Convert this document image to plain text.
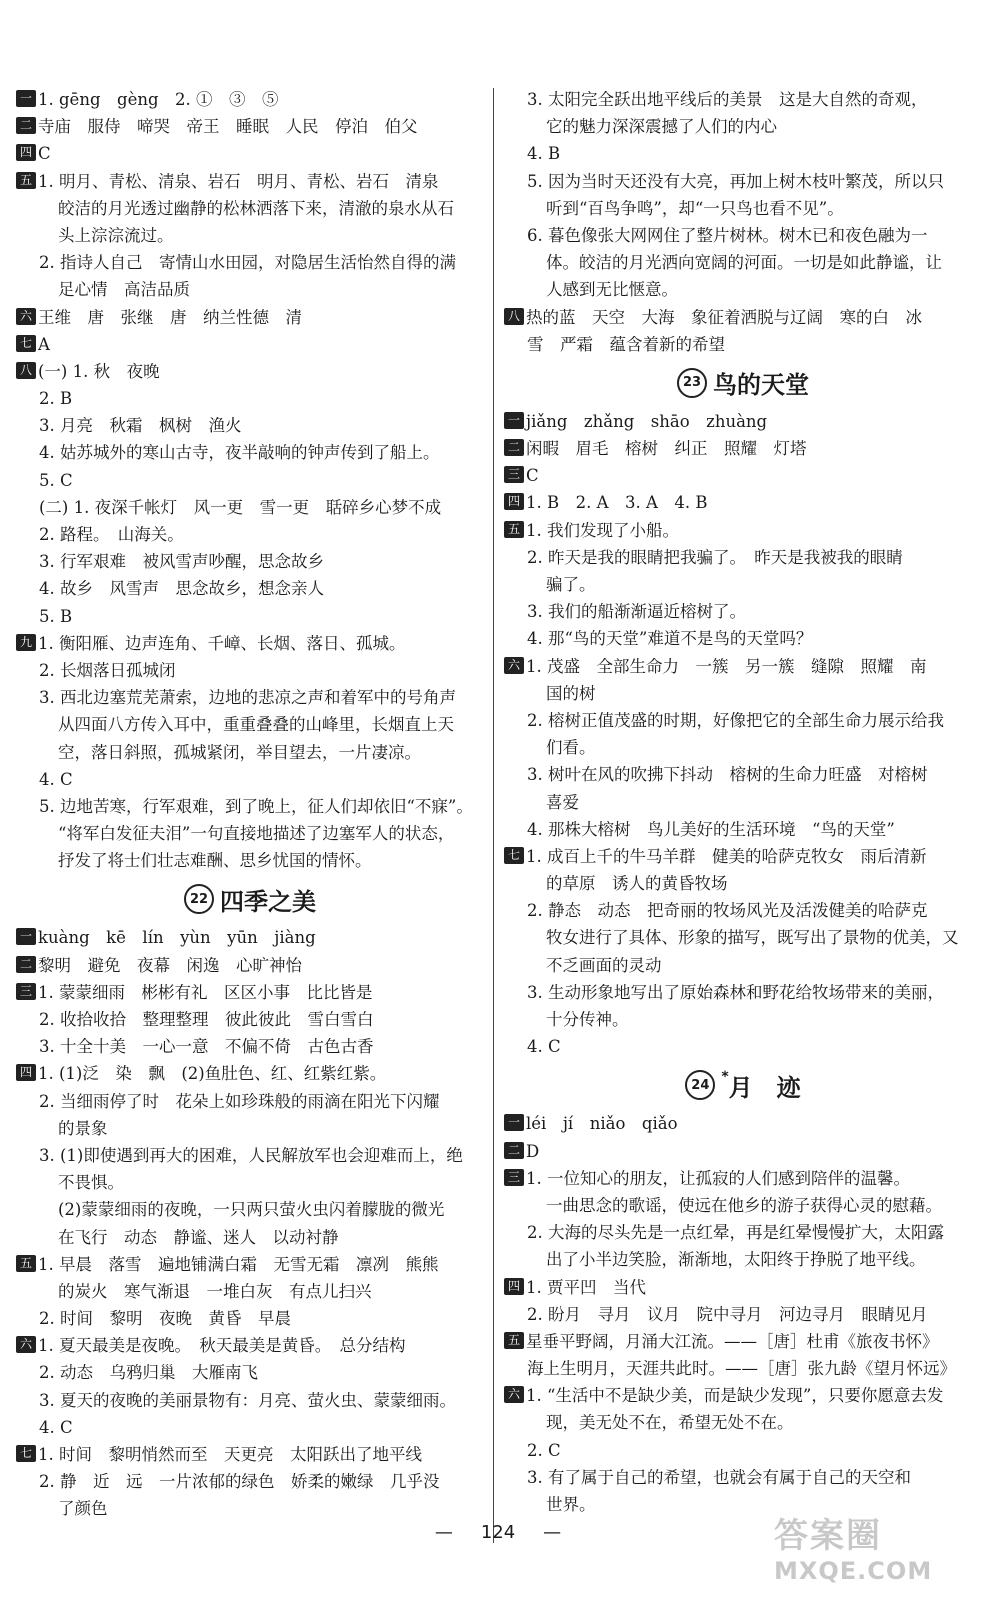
一 1. gēng　gèng　2. ①　③　⑤
二 寺庙　服侍　啼哭　帝王　睡眠　人民　停泊　伯父
四 C
五 1. 明月、青松、清泉、岩石　明月、青松、岩石　清泉
皎洁的月光透过幽静的松林洒落下来，清澈的泉水从石
头上淙淙流过。
2. 指诗人自己　寄情山水田园，对隐居生活怡然自得的满
足心情　高洁品质
六 王维　唐　张继　唐　纳兰性德　清
七 A
八 (一) 1. 秋　夜晚
2. B
3. 月亮　秋霜　枫树　渔火
4. 姑苏城外的寒山古寺，夜半敲响的钟声传到了船上。
5. C
(二) 1. 夜深千帐灯　风一更　雪一更　聒碎乡心梦不成
2. 路程。　山海关。
3. 行军艰难　被风雪声吵醒，思念故乡
4. 故乡　风雪声　思念故乡，想念亲人
5. B
九 1. 衡阳雁、边声连角、千嶂、长烟、落日、孤城。
2. 长烟落日孤城闭
3. 西北边塞荒芜萧索，边地的悲凉之声和着军中的号角声
从四面八方传入耳中，重重叠叠的山峰里，长烟直上天
空，落日斜照，孤城紧闭，举目望去，一片凄凉。
4. C
5. 边地苦寒，行军艰难，到了晚上，征人们却依旧“不寐”。
“将军白发征夫泪”一句直接地描述了边塞军人的状态，
抒发了将士们壮志难酬、思乡忧国的情怀。
22 四季之美
一 kuàng　kē　lín　yùn　yūn　jiàng
二 黎明　避免　夜幕　闲逸　心旷神怡
三 1. 蒙蒙细雨　彬彬有礼　区区小事　比比皆是
2. 收拾收拾　整理整理　彼此彼此　雪白雪白
3. 十全十美　一心一意　不偏不倚　古色古香
四 1. (1)泛　染　飘　(2)鱼肚色、红、红紫红紫。
2. 当细雨停了时　花朵上如珍珠般的雨滴在阳光下闪耀
的景象
3. (1)即使遇到再大的困难，人民解放军也会迎难而上，绝
不畏惧。
(2)蒙蒙细雨的夜晚，一只两只萤火虫闪着朦胧的微光
在飞行　动态　静谧、迷人　以动衬静
五 1. 早晨　落雪　遍地铺满白霜　无雪无霜　凛冽　熊熊
的炭火　寒气渐退　一堆白灰　有点儿扫兴
2. 时间　黎明　夜晚　黄昏　早晨
六 1. 夏天最美是夜晚。　秋天最美是黄昏。　总分结构
2. 动态　乌鸦归巢　大雁南飞
3. 夏天的夜晚的美丽景物有：月亮、萤火虫、蒙蒙细雨。
4. C
七 1. 时间　黎明悄然而至　天更亮　太阳跃出了地平线
2. 静　近　远　一片浓郁的绿色　娇柔的嫩绿　几乎没
了颜色
3. 太阳完全跃出地平线后的美景　这是大自然的奇观，
它的魅力深深震撼了人们的内心
4. B
5. 因为当时天还没有大亮，再加上树木枝叶繁茂，所以只
听到“百鸟争鸣”，却“一只鸟也看不见”。
6. 暮色像张大网网住了整片树林。树木已和夜色融为一
体。皎洁的月光洒向宽阔的河面。一切是如此静谧，让
人感到无比惬意。
八 热的蓝　天空　大海　象征着洒脱与辽阔　寒的白　冰
雪　严霜　蕴含着新的希望
23 鸟的天堂
一 jiǎng　zhǎng　shāo　zhuàng
二 闲暇　眉毛　榕树　纠正　照耀　灯塔
三 C
四 1. B　2. A　3. A　4. B
五 1. 我们发现了小船。
2. 昨天是我的眼睛把我骗了。　昨天是我被我的眼睛
骗了。
3. 我们的船渐渐逼近榕树了。
4. 那“鸟的天堂”难道不是鸟的天堂吗？
六 1. 茂盛　全部生命力　一簇　另一簇　缝隙　照耀　南
国的树
2. 榕树正值茂盛的时期，好像把它的全部生命力展示给我
们看。
3. 树叶在风的吹拂下抖动　榕树的生命力旺盛　对榕树
喜爱
4. 那株大榕树　鸟儿美好的生活环境　“鸟的天堂”
七 1. 成百上千的牛马羊群　健美的哈萨克牧女　雨后清新
的草原　诱人的黄昏牧场
2. 静态　动态　把奇丽的牧场风光及活泼健美的哈萨克
牧女进行了具体、形象的描写，既写出了景物的优美，又
不乏画面的灵动
3. 生动形象地写出了原始森林和野花给牧场带来的美丽，
十分传神。
4. C
24 * 月　迹
一 léi　jí　niǎo　qiǎo
二 D
三 1. 一位知心的朋友，让孤寂的人们感到陪伴的温馨。
一曲思念的歌谣，使远在他乡的游子获得心灵的慰藉。
2. 大海的尽头先是一点红晕，再是红晕慢慢扩大，太阳露
出了小半边笑脸，渐渐地，太阳终于挣脱了地平线。
四 1. 贾平凹　当代
2. 盼月　寻月　议月　院中寻月　河边寻月　眼睛见月
五 星垂平野阔，月涌大江流。——［唐］杜甫《旅夜书怀》
海上生明月，天涯共此时。——［唐］张九龄《望月怀远》
六 1. “生活中不是缺少美，而是缺少发现”，只要你愿意去发
现，美无处不在，希望无处不在。
2. C
3. 有了属于自己的希望，也就会有属于自己的天空和
世界。
— 124 —	答案圈
MXQE.COM
